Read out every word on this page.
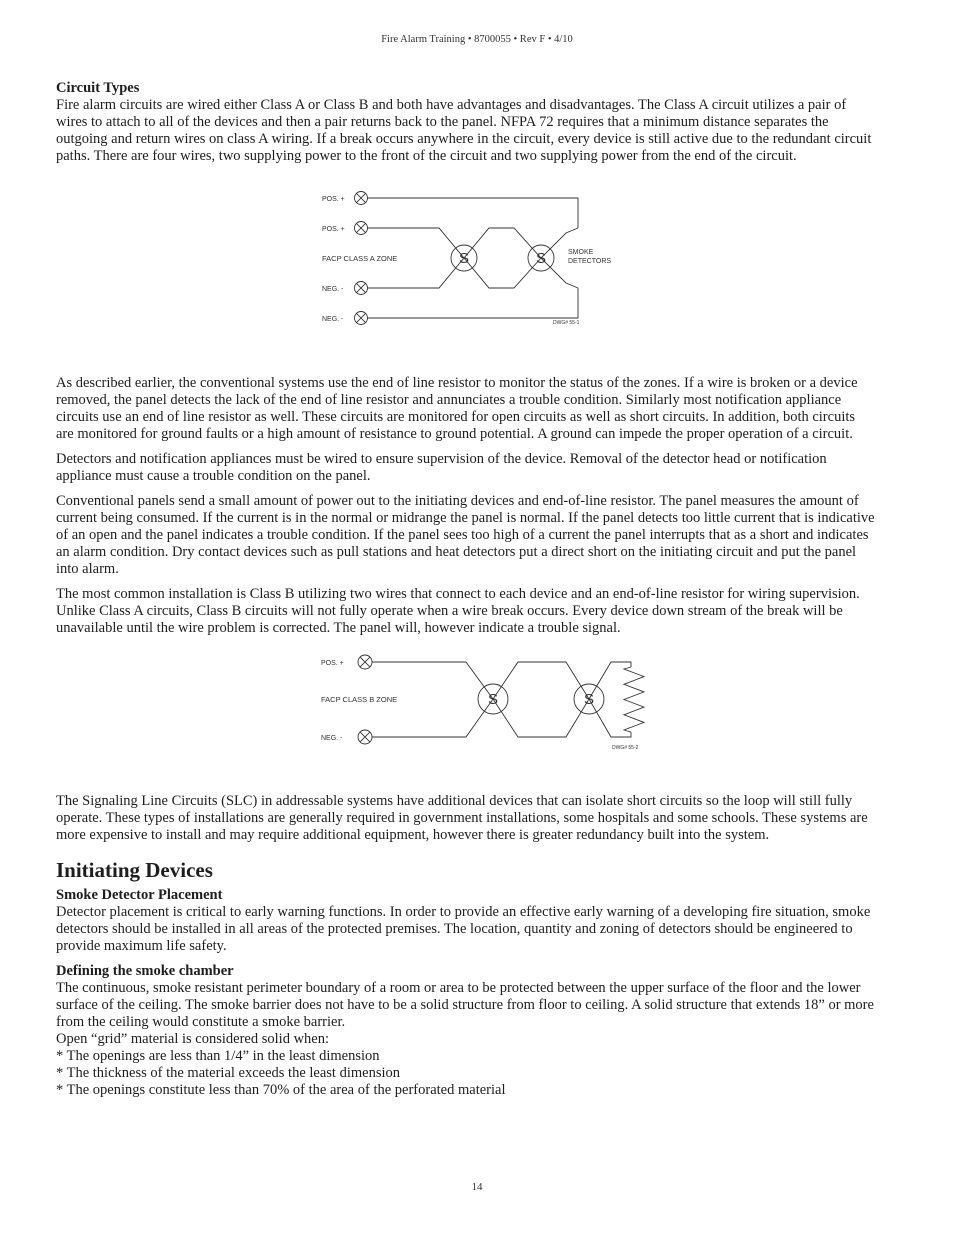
Fire Alarm Training • 8700055 • Rev F • 4/10
Circuit Types

Fire alarm circuits are wired either Class A or Class B and both have advantages and disadvantages. The Class A circuit utilizes a pair of wires to attach to all of the devices and then a pair returns back to the panel. NFPA 72 requires that a minimum distance separates the outgoing and return wires on class A wiring. If a break occurs anywhere in the circuit, every device is still active due to the redundant circuit paths. There are four wires, two supplying power to the front of the circuit and two supplying power from the end of the circuit.

S	S
POS. +
POS. +
FACP CLASS A ZONE
NEG. -
NEG. -
SMOKE
DETECTORS
DWG# 55-1

As described earlier, the conventional systems use the end of line resistor to monitor the status of the zones. If a wire is broken or a device removed, the panel detects the lack of the end of line resistor and annunciates a trouble condition. Similarly most notification appliance circuits use an end of line resistor as well. These circuits are monitored for open circuits as well as short circuits. In addition, both circuits are monitored for ground faults or a high amount of resistance to ground potential. A ground can impede the proper operation of a circuit.

Detectors and notification appliances must be wired to ensure supervision of the device. Removal of the detector head or notification appliance must cause a trouble condition on the panel.

Conventional panels send a small amount of power out to the initiating devices and end-of-line resistor. The panel measures the amount of current being consumed. If the current is in the normal or midrange the panel is normal. If the panel detects too little current that is indicative of an open and the panel indicates a trouble condition. If the panel sees too high of a current the panel interrupts that as a short and indicates an alarm condition. Dry contact devices such as pull stations and heat detectors put a direct short on the initiating circuit and put the panel into alarm.

The most common installation is Class B utilizing two wires that connect to each device and an end-of-line resistor for wiring supervision. Unlike Class A circuits, Class B circuits will not fully operate when a wire break occurs. Every device down stream of the break will be unavailable until the wire problem is corrected. The panel will, however indicate a trouble signal.

S	S
POS. +
FACP CLASS B ZONE
NEG. -
DWG# 55-2

The Signaling Line Circuits (SLC) in addressable systems have additional devices that can isolate short circuits so the loop will still fully operate. These types of installations are generally required in government installations, some hospitals and some schools. These systems are more expensive to install and may require additional equipment, however there is greater redundancy built into the system.

Initiating Devices
Smoke Detector Placement

Detector placement is critical to early warning functions. In order to provide an effective early warning of a developing fire situation, smoke detectors should be installed in all areas of the protected premises. The location, quantity and zoning of detectors should be engineered to provide maximum life safety.

Defining the smoke chamber

The continuous, smoke resistant perimeter boundary of a room or area to be protected between the upper surface of the floor and the lower surface of the ceiling. The smoke barrier does not have to be a solid structure from floor to ceiling. A solid structure that extends 18” or more from the ceiling would constitute a smoke barrier.

Open “grid” material is considered solid when:

* The openings are less than 1/4” in the least dimension

* The thickness of the material exceeds the least dimension

* The openings constitute less than 70% of the area of the perforated material

14
